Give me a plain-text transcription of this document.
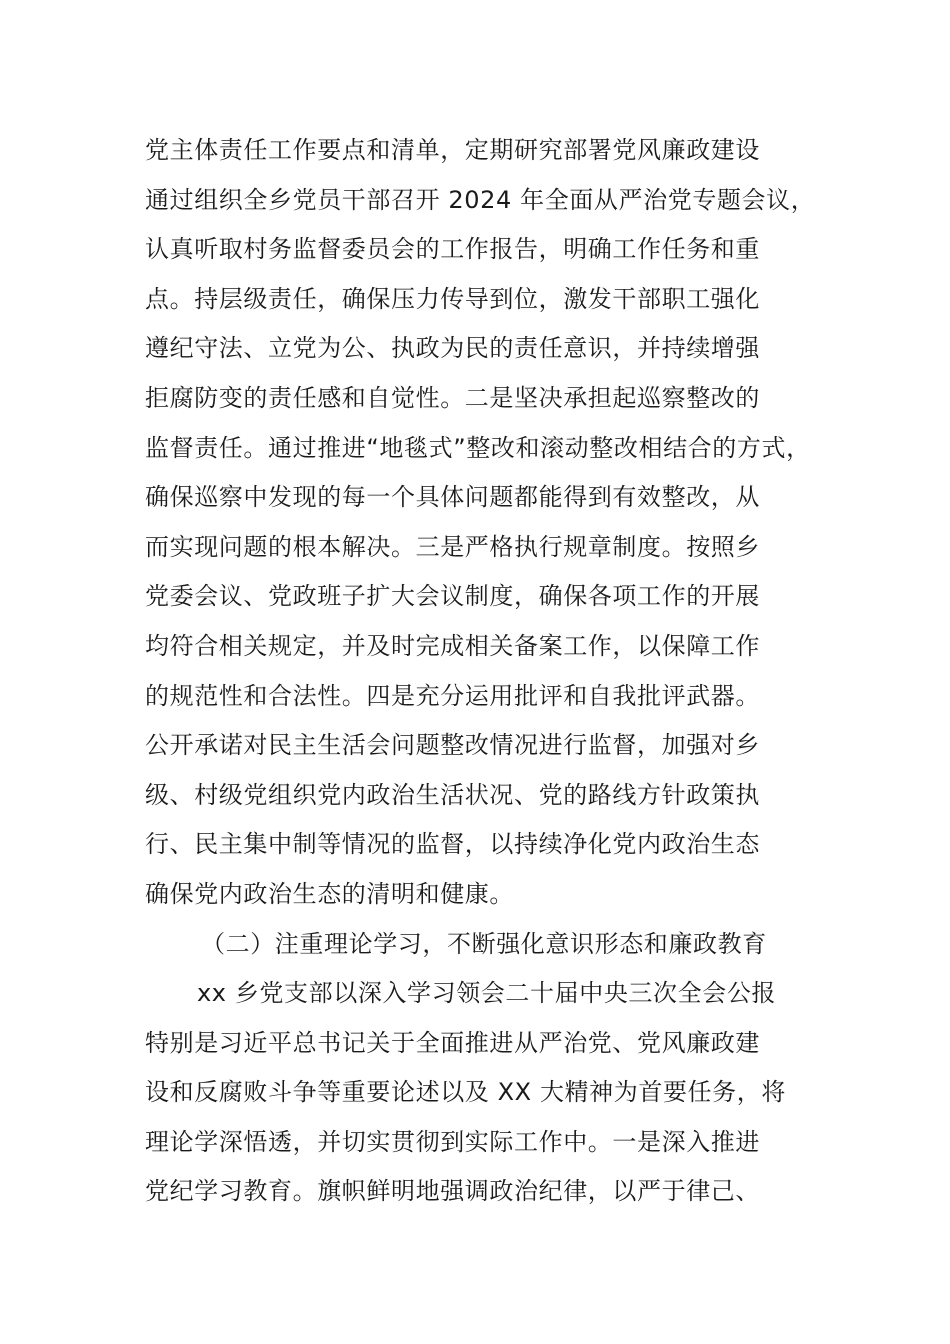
党主体责任工作要点和清单，定期研究部署党风廉政建设
通过组织全乡党员干部召开 2024 年全面从严治党专题会议，
认真听取村务监督委员会的工作报告，明确工作任务和重
点。持层级责任，确保压力传导到位，激发干部职工强化
遵纪守法、立党为公、执政为民的责任意识，并持续增强
拒腐防变的责任感和自觉性。二是坚决承担起巡察整改的
监督责任。通过推进“地毯式”整改和滚动整改相结合的方式，
确保巡察中发现的每一个具体问题都能得到有效整改，从
而实现问题的根本解决。三是严格执行规章制度。按照乡
党委会议、党政班子扩大会议制度，确保各项工作的开展
均符合相关规定，并及时完成相关备案工作，以保障工作
的规范性和合法性。四是充分运用批评和自我批评武器。
公开承诺对民主生活会问题整改情况进行监督，加强对乡
级、村级党组织党内政治生活状况、党的路线方针政策执
行、民主集中制等情况的监督，以持续净化党内政治生态
确保党内政治生态的清明和健康。
（二）注重理论学习，不断强化意识形态和廉政教育
xx 乡党支部以深入学习领会二十届中央三次全会公报
特别是习近平总书记关于全面推进从严治党、党风廉政建
设和反腐败斗争等重要论述以及 XX 大精神为首要任务，将
理论学深悟透，并切实贯彻到实际工作中。一是深入推进
党纪学习教育。旗帜鲜明地强调政治纪律，以严于律己、
